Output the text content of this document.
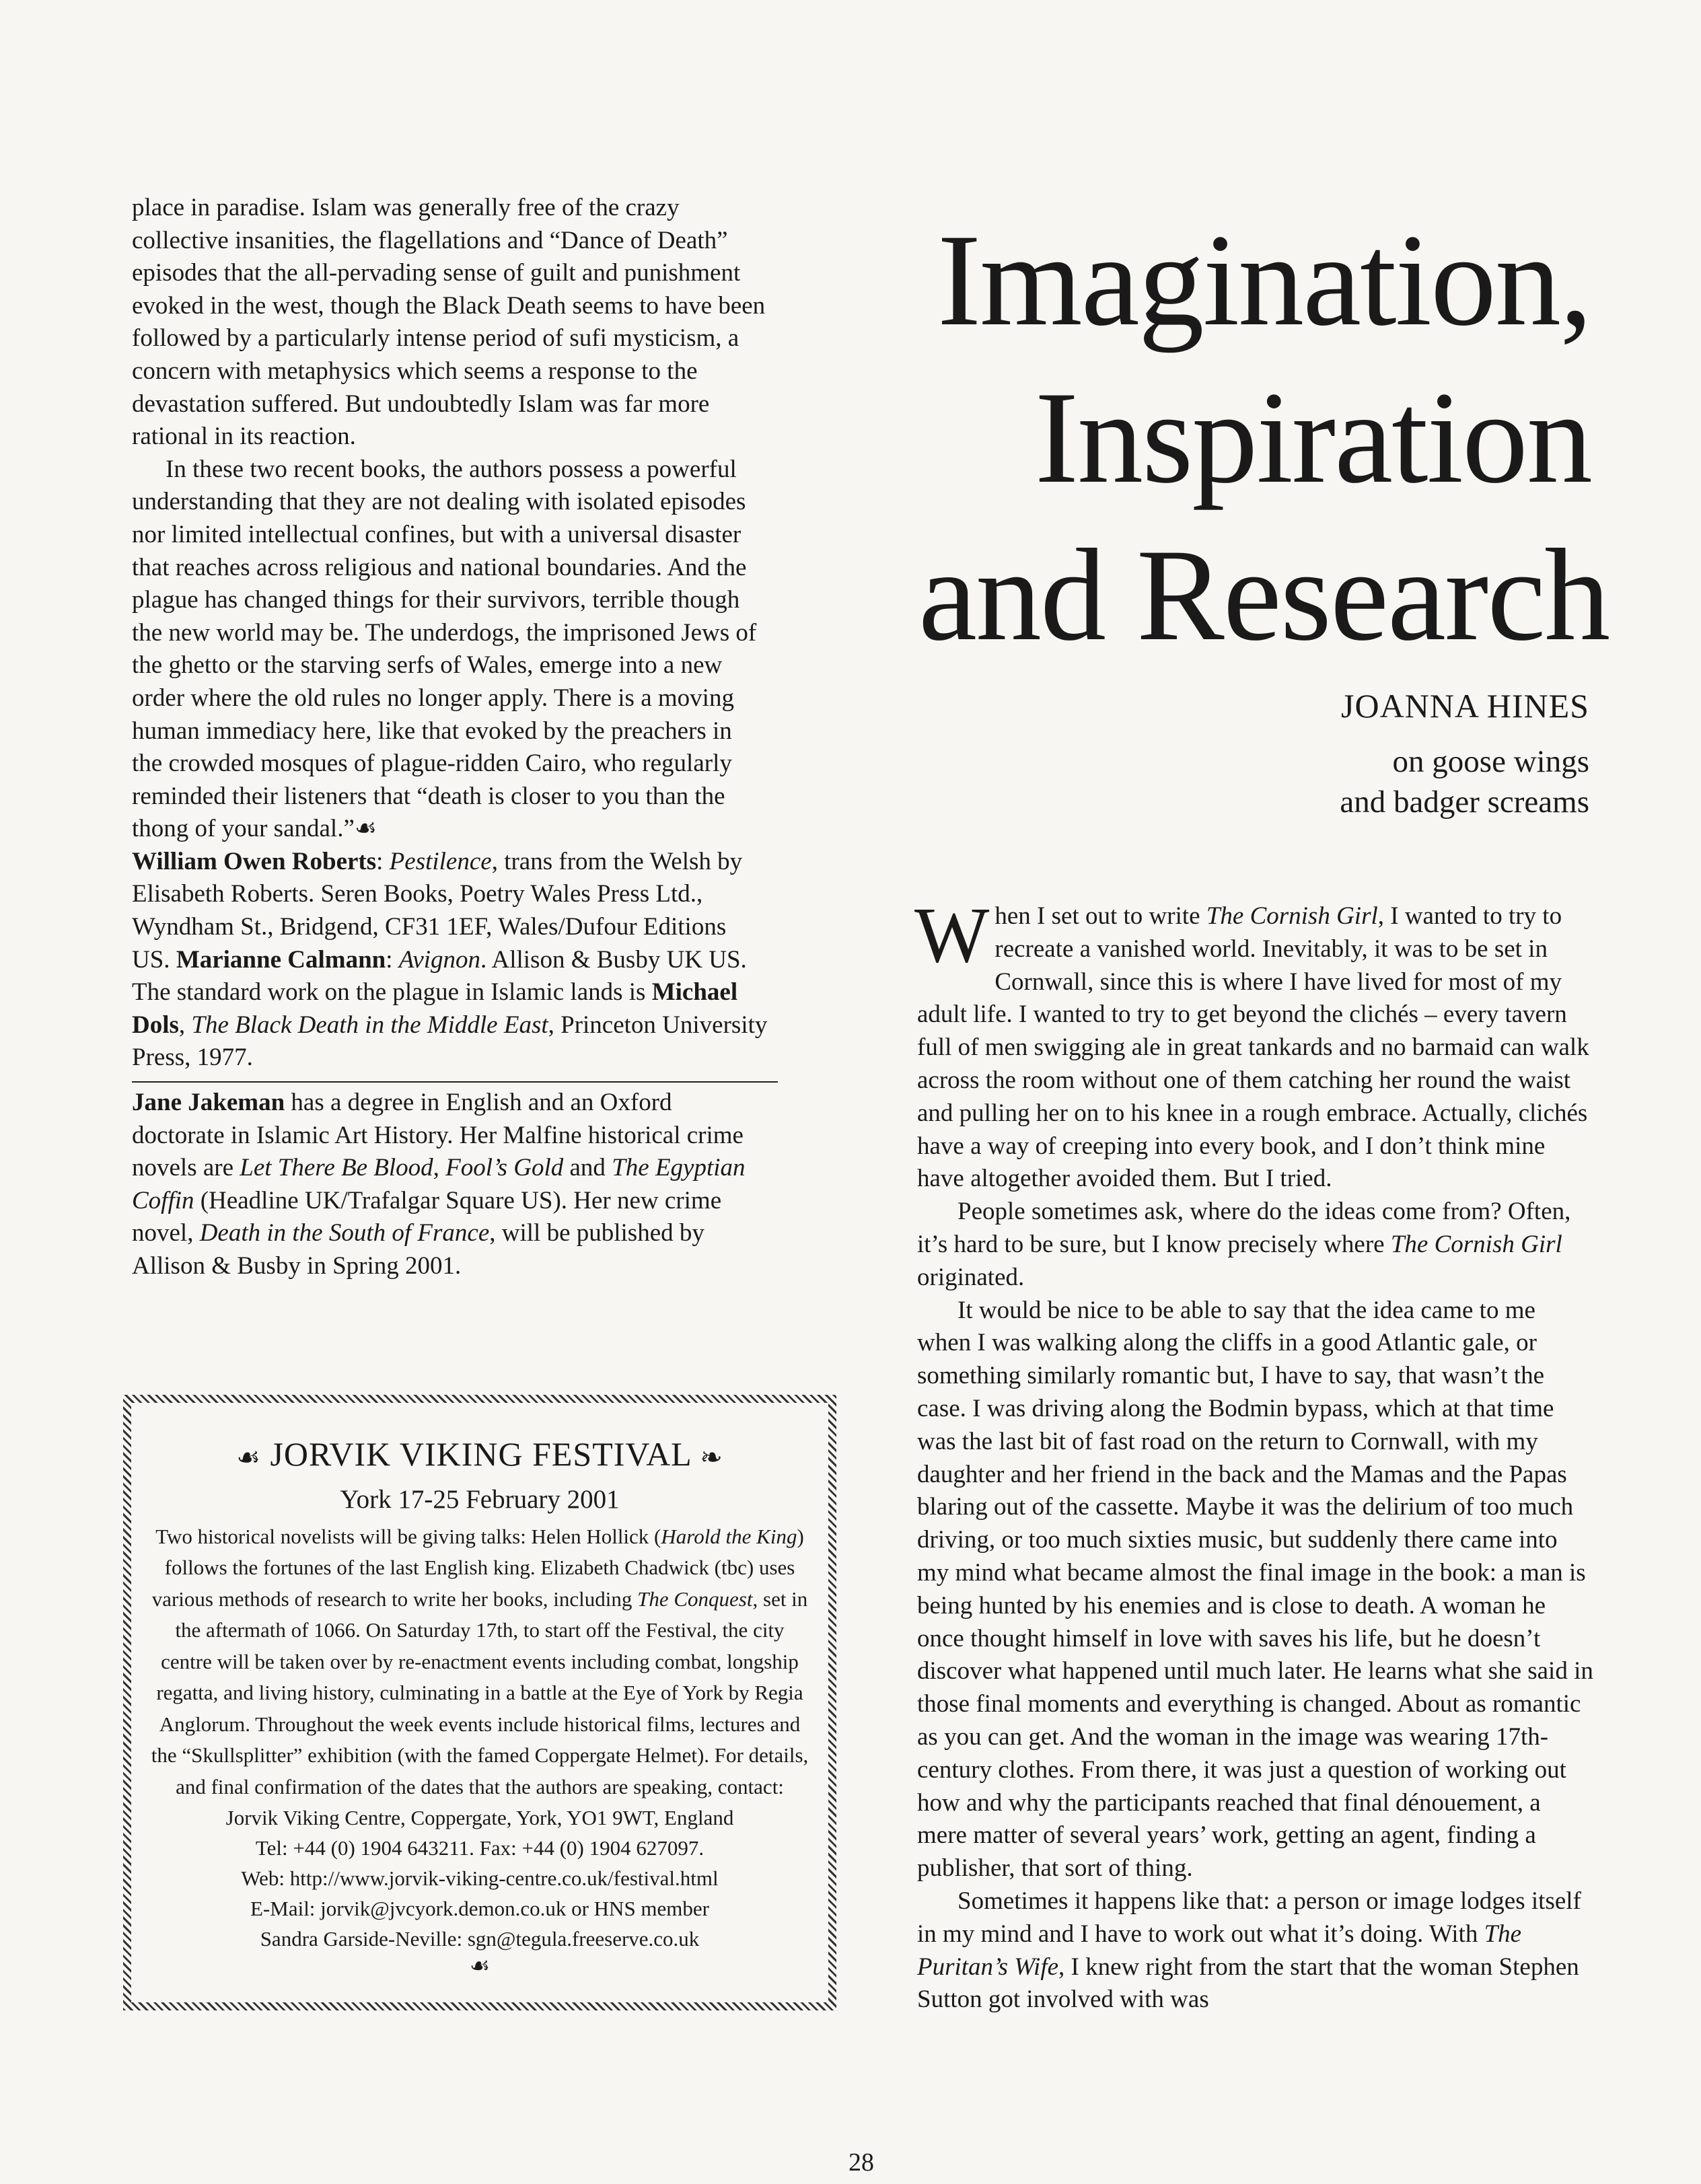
place in paradise. Islam was generally free of the crazy collective insanities, the flagellations and “Dance of Death” episodes that the all-pervading sense of guilt and punishment evoked in the west, though the Black Death seems to have been followed by a particularly intense period of sufi mysticism, a concern with metaphysics which seems a response to the devastation suffered. But undoubtedly Islam was far more rational in its reaction.

In these two recent books, the authors possess a powerful understanding that they are not dealing with isolated episodes nor limited intellectual confines, but with a universal disaster that reaches across religious and national boundaries. And the plague has changed things for their survivors, terrible though the new world may be. The underdogs, the imprisoned Jews of the ghetto or the starving serfs of Wales, emerge into a new order where the old rules no longer apply. There is a moving human immediacy here, like that evoked by the preachers in the crowded mosques of plague-ridden Cairo, who regularly reminded their listeners that “death is closer to you than the thong of your sandal.”☙

William Owen Roberts: Pestilence, trans from the Welsh by Elisabeth Roberts. Seren Books, Poetry Wales Press Ltd., Wyndham St., Bridgend, CF31 1EF, Wales/Dufour Editions US. Marianne Calmann: Avignon. Allison & Busby UK US. The standard work on the plague in Islamic lands is Michael Dols, The Black Death in the Middle East, Princeton University Press, 1977.

Jane Jakeman has a degree in English and an Oxford doctorate in Islamic Art History. Her Malfine historical crime novels are Let There Be Blood, Fool’s Gold and The Egyptian Coffin (Headline UK/Trafalgar Square US). Her new crime novel, Death in the South of France, will be published by Allison & Busby in Spring 2001.

☙ JORVIK VIKING FESTIVAL ❧

York 17-25 February 2001

Two historical novelists will be giving talks: Helen Hollick (Harold the King) follows the fortunes of the last English king. Elizabeth Chadwick (tbc) uses various methods of research to write her books, including The Conquest, set in the aftermath of 1066. On Saturday 17th, to start off the Festival, the city centre will be taken over by re-enactment events including combat, longship regatta, and living history, culminating in a battle at the Eye of York by Regia Anglorum. Throughout the week events include historical films, lectures and the “Skullsplitter” exhibition (with the famed Coppergate Helmet). For details, and final confirmation of the dates that the authors are speaking, contact:

Jorvik Viking Centre, Coppergate, York, YO1 9WT, England
Tel: +44 (0) 1904 643211. Fax: +44 (0) 1904 627097.
Web: http://www.jorvik-viking-centre.co.uk/festival.html
E-Mail: jorvik@jvcyork.demon.co.uk or HNS member
Sandra Garside-Neville: sgn@tegula.freeserve.co.uk
☙
Imagination,
Inspiration
and Research
JOANNA HINES
on goose wings
and badger screams

When I set out to write The Cornish Girl, I wanted to try to recreate a vanished world. Inevitably, it was to be set in Cornwall, since this is where I have lived for most of my adult life. I wanted to try to get beyond the clichés – every tavern full of men swigging ale in great tankards and no barmaid can walk across the room without one of them catching her round the waist and pulling her on to his knee in a rough embrace. Actually, clichés have a way of creeping into every book, and I don’t think mine have altogether avoided them. But I tried.

People sometimes ask, where do the ideas come from? Often, it’s hard to be sure, but I know precisely where The Cornish Girl originated.

It would be nice to be able to say that the idea came to me when I was walking along the cliffs in a good Atlantic gale, or something similarly romantic but, I have to say, that wasn’t the case. I was driving along the Bodmin bypass, which at that time was the last bit of fast road on the return to Cornwall, with my daughter and her friend in the back and the Mamas and the Papas blaring out of the cassette. Maybe it was the delirium of too much driving, or too much sixties music, but suddenly there came into my mind what became almost the final image in the book: a man is being hunted by his enemies and is close to death. A woman he once thought himself in love with saves his life, but he doesn’t discover what happened until much later. He learns what she said in those final moments and everything is changed. About as romantic as you can get. And the woman in the image was wearing 17th-century clothes. From there, it was just a question of working out how and why the participants reached that final dénouement, a mere matter of several years’ work, getting an agent, finding a publisher, that sort of thing.

Sometimes it happens like that: a person or image lodges itself in my mind and I have to work out what it’s doing. With The Puritan’s Wife, I knew right from the start that the woman Stephen Sutton got involved with was

28
